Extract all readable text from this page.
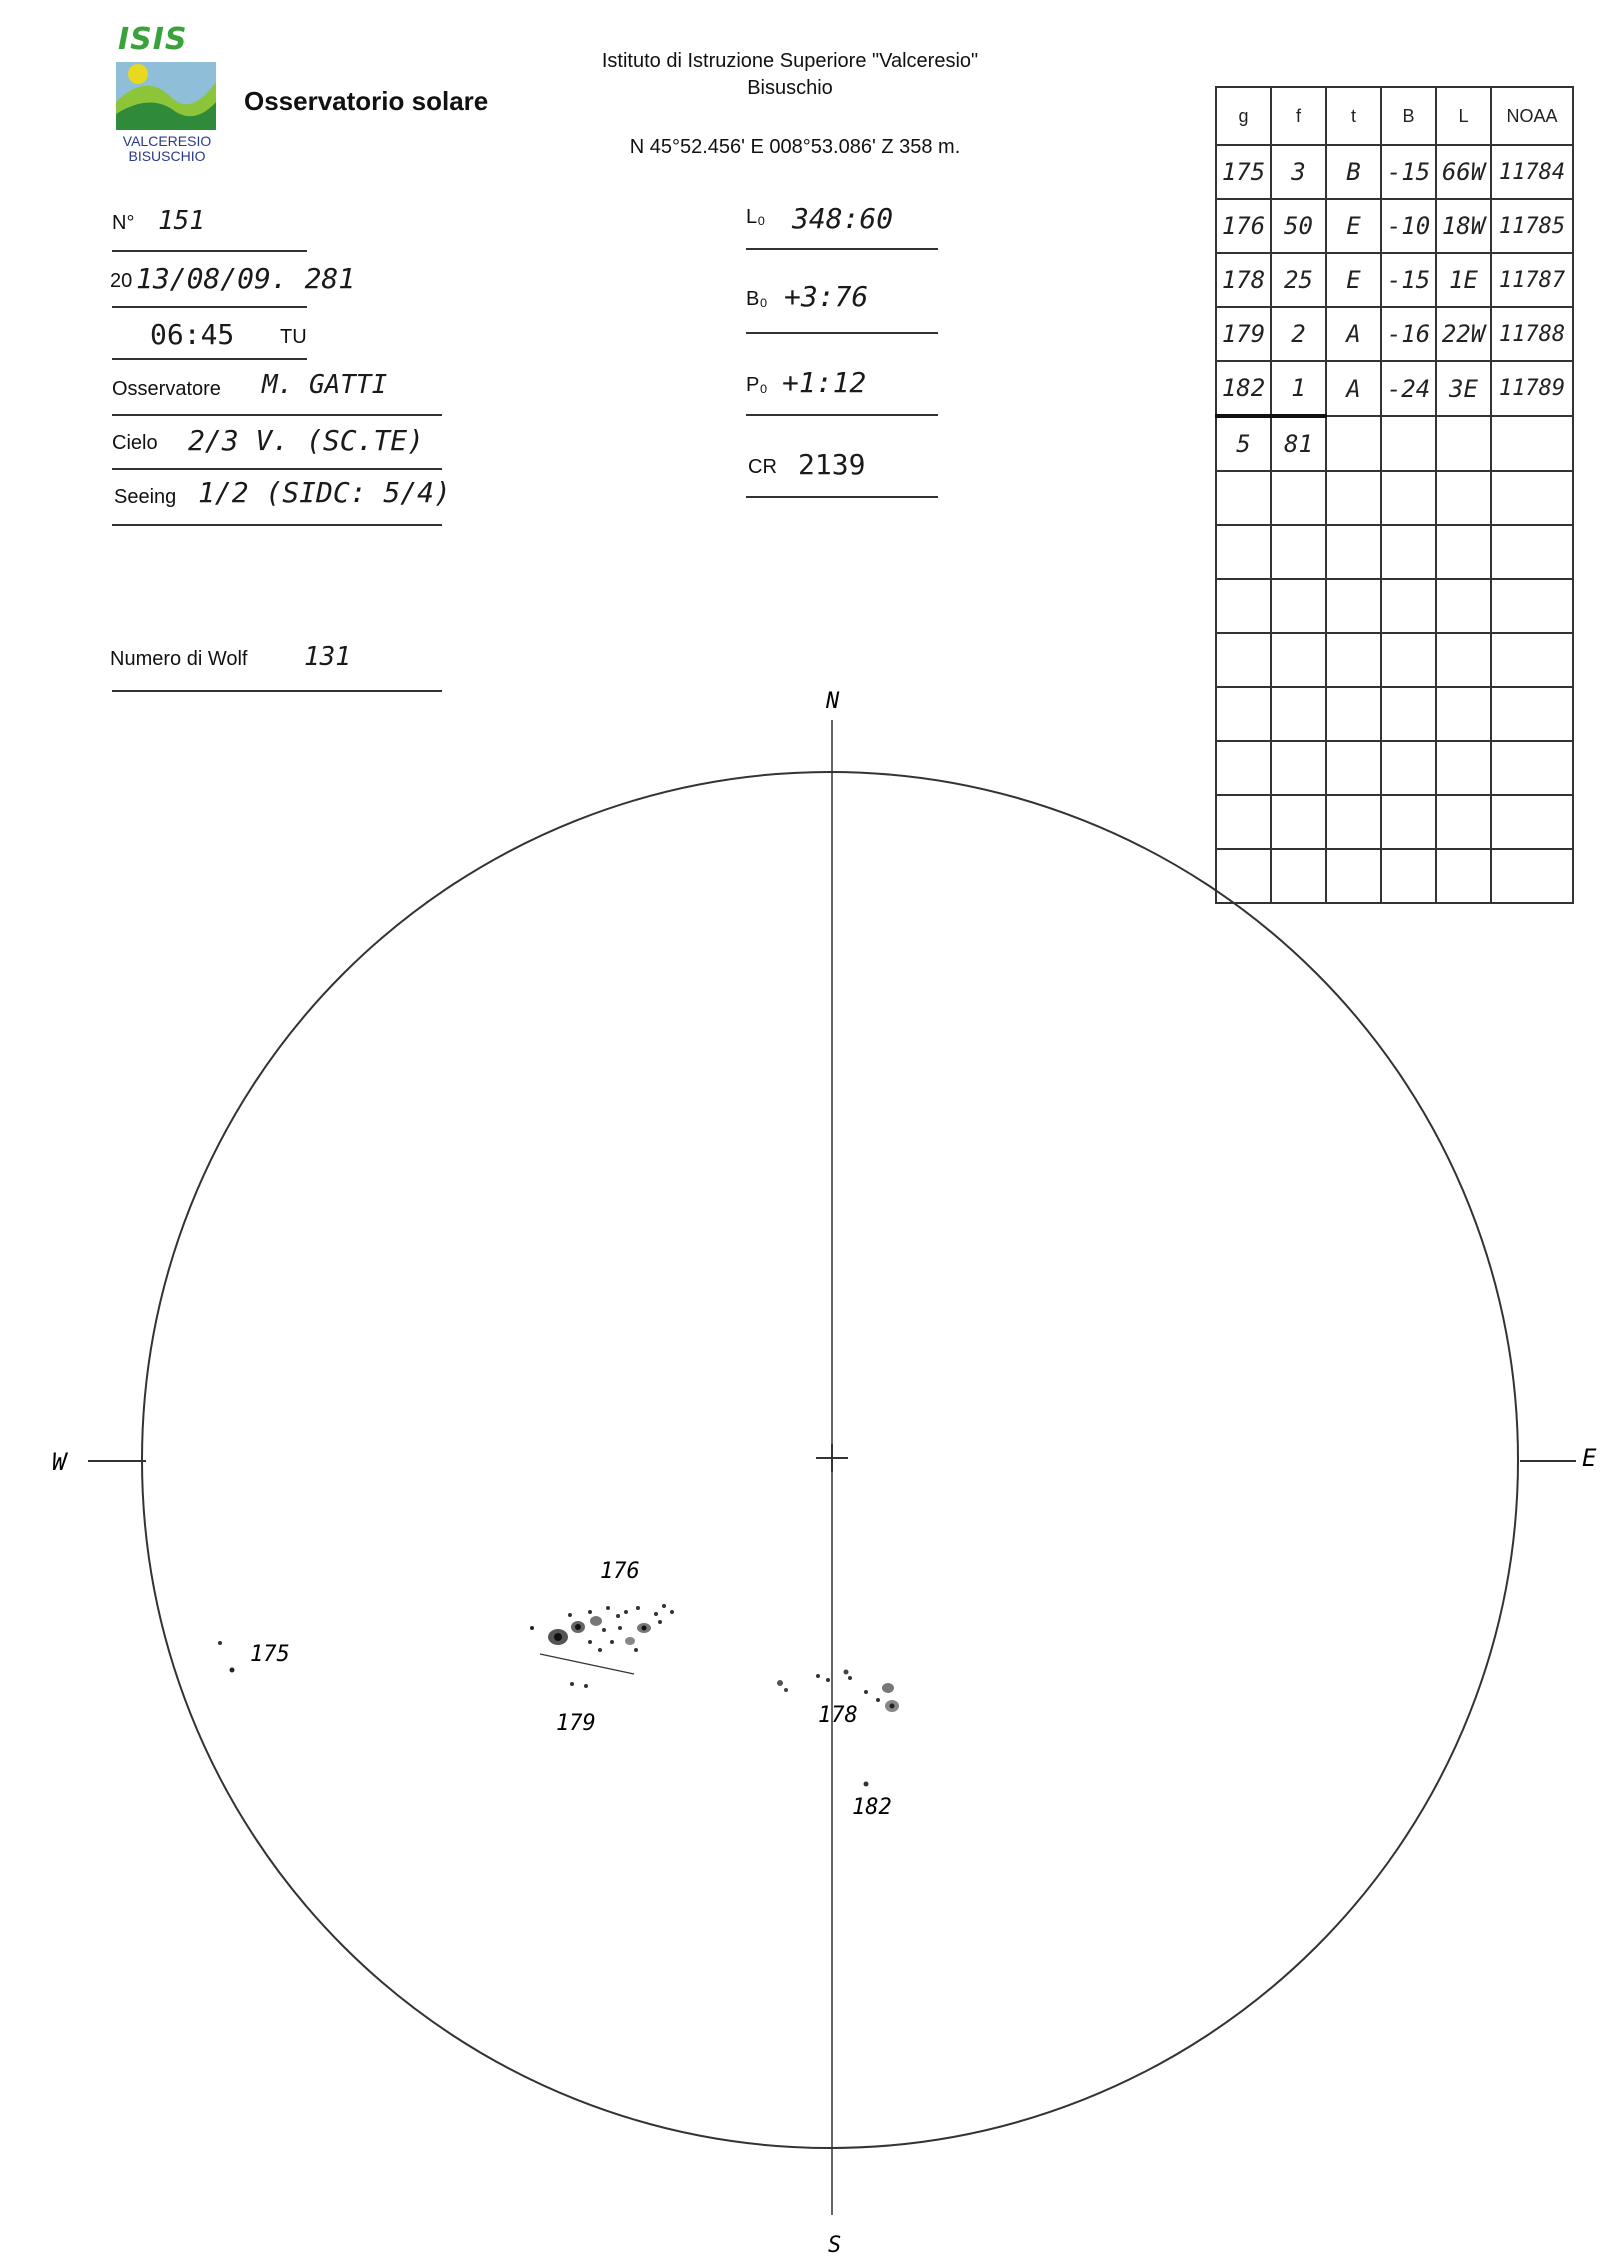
ISIS
VALCERESIO
BISUSCHIO
Osservatorio solare
Istituto di Istruzione Superiore "Valceresio"
Bisuschio
N 45°52.456' E 008°53.086' Z 358 m.
N° 151
20 13/08/09. 281
06:45 TU
Osservatore M. GATTI
Cielo 2/3 V. (SC.TE)
Seeing 1/2 (SIDC: 5/4)
Numero di Wolf 131
L₀ 348:60
B₀ +3:76
P₀ +1:12
CR 2139
g	f	t	B	L	NOAA
175	3	B	-15	66W	11784
176	50	E	-10	18W	11785
178	25	E	-15	1E	11787
179	2	A	-16	22W	11788
182	1	A	-24	3E	11789
5	81				

N
S
W	E
175
176
179	178
182
